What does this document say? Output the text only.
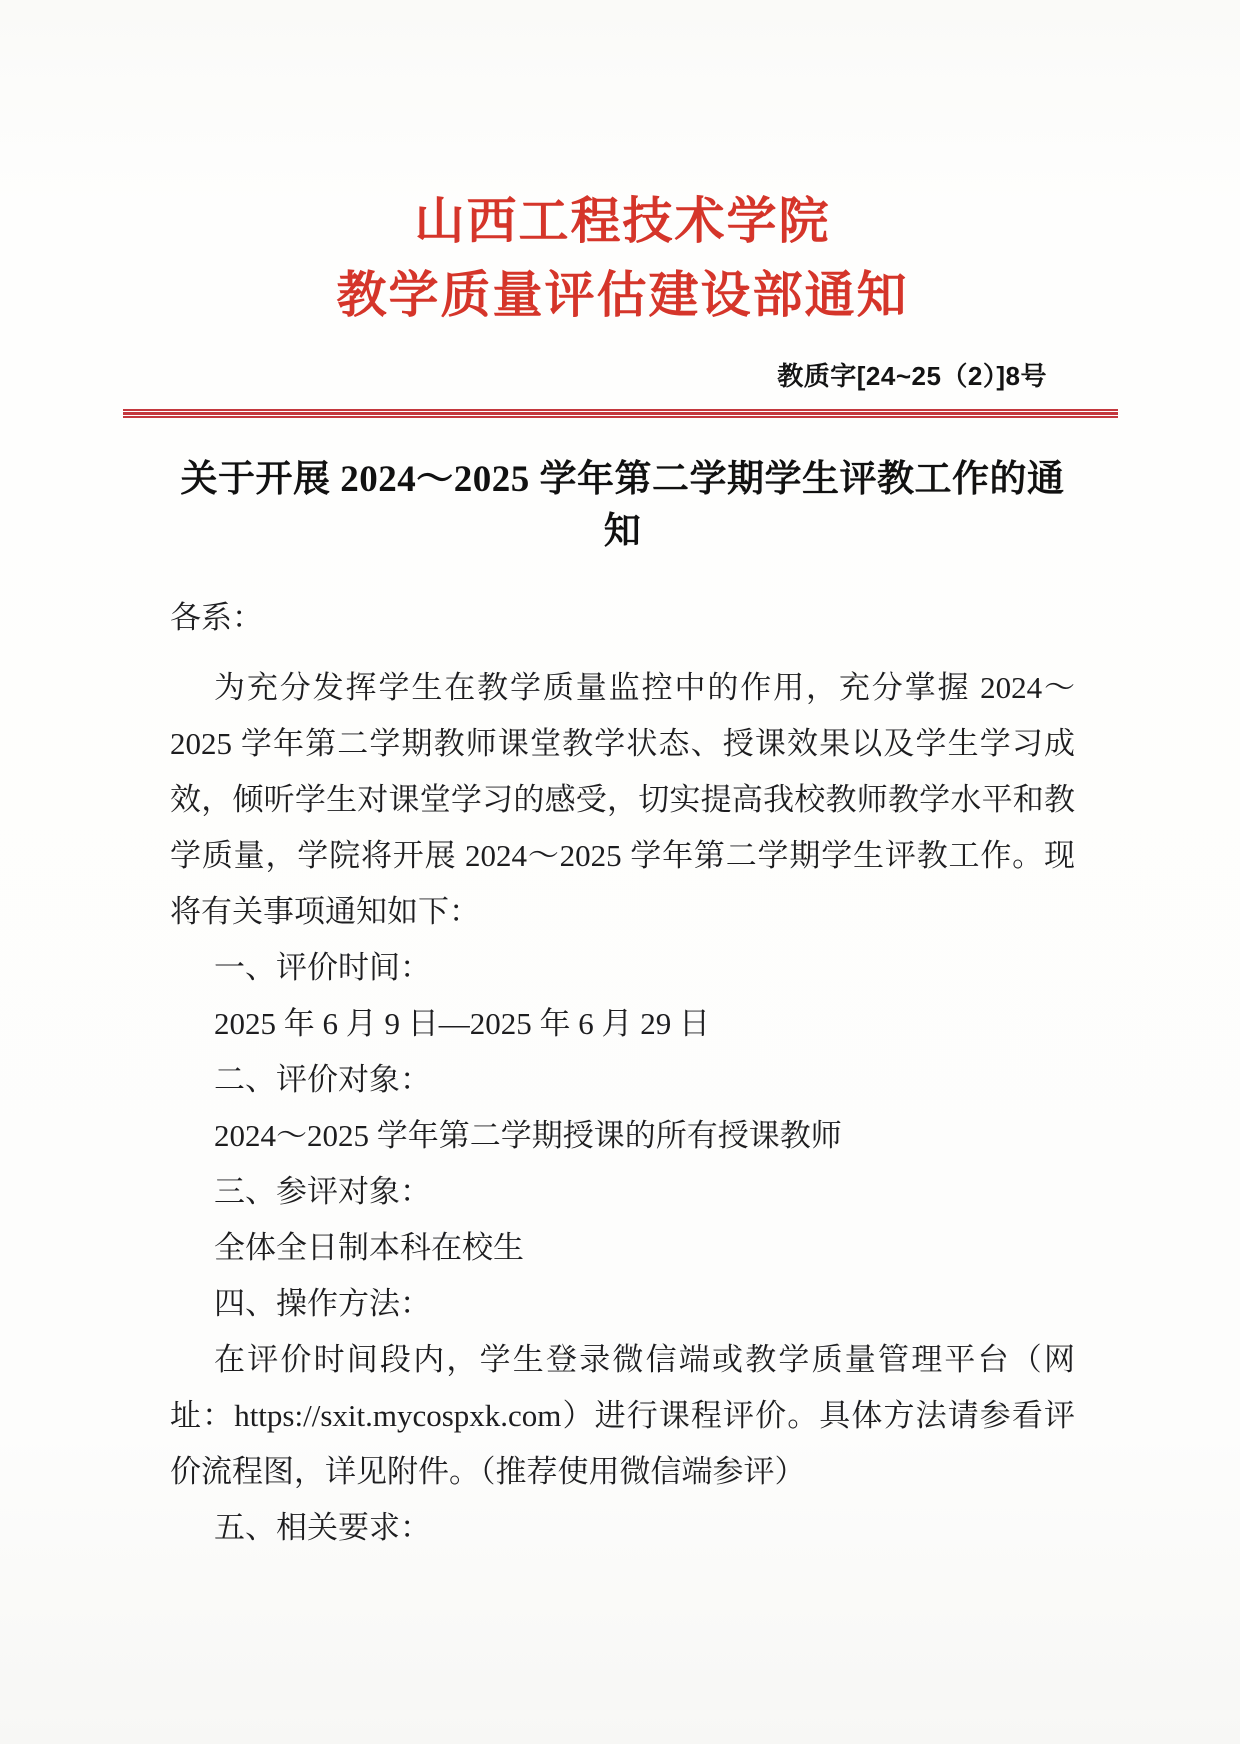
山西工程技术学院
教学质量评估建设部通知
教质字[24~25（2）]8号
关于开展 2024～2025 学年第二学期学生评教工作的通知

各系：

为充分发挥学生在教学质量监控中的作用，充分掌握 2024～2025 学年第二学期教师课堂教学状态、授课效果以及学生学习成效，倾听学生对课堂学习的感受，切实提高我校教师教学水平和教学质量，学院将开展 2024～2025 学年第二学期学生评教工作。现将有关事项通知如下：

一、评价时间：

2025 年 6 月 9 日—2025 年 6 月 29 日

二、评价对象：

2024～2025 学年第二学期授课的所有授课教师

三、参评对象：

全体全日制本科在校生

四、操作方法：

在评价时间段内，学生登录微信端或教学质量管理平台（网址：https://sxit.mycospxk.com）进行课程评价。具体方法请参看评价流程图，详见附件。（推荐使用微信端参评）

五、相关要求：
